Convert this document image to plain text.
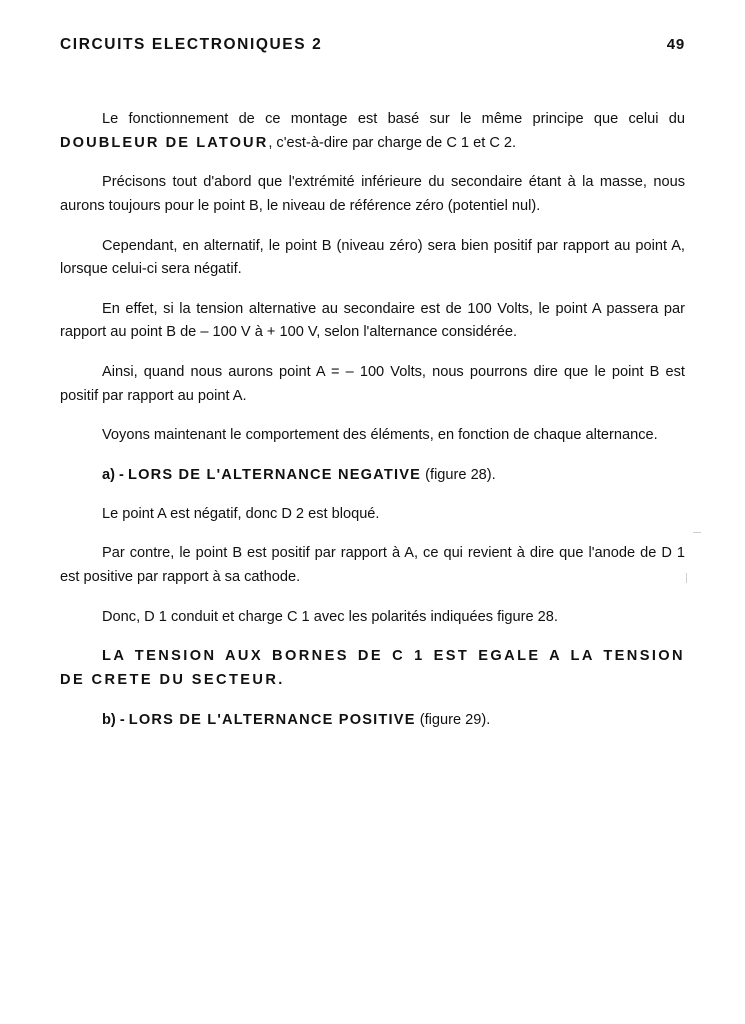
CIRCUITS ELECTRONIQUES 2	49

Le fonctionnement de ce montage est basé sur le même principe que celui du DOUBLEUR DE LATOUR, c'est-à-dire par charge de C 1 et C 2.

Précisons tout d'abord que l'extrémité inférieure du secondaire étant à la masse, nous aurons toujours pour le point B, le niveau de référence zéro (potentiel nul).

Cependant, en alternatif, le point B (niveau zéro) sera bien positif par rapport au point A, lorsque celui-ci sera négatif.

En effet, si la tension alternative au secondaire est de 100 Volts, le point A passera par rapport au point B de – 100 V à + 100 V, selon l'alternance considérée.

Ainsi, quand nous aurons point A = – 100 Volts, nous pourrons dire que le point B est positif par rapport au point A.

Voyons maintenant le comportement des éléments, en fonction de chaque alternance.

a) - LORS DE L'ALTERNANCE NEGATIVE (figure 28).

Le point A est négatif, donc D 2 est bloqué.

Par contre, le point B est positif par rapport à A, ce qui revient à dire que l'anode de D 1 est positive par rapport à sa cathode.

Donc, D 1 conduit et charge C 1 avec les polarités indiquées figure 28.

LA TENSION AUX BORNES DE C 1 EST EGALE A LA TENSION DE CRETE DU SECTEUR.

b) - LORS DE L'ALTERNANCE POSITIVE (figure 29).
